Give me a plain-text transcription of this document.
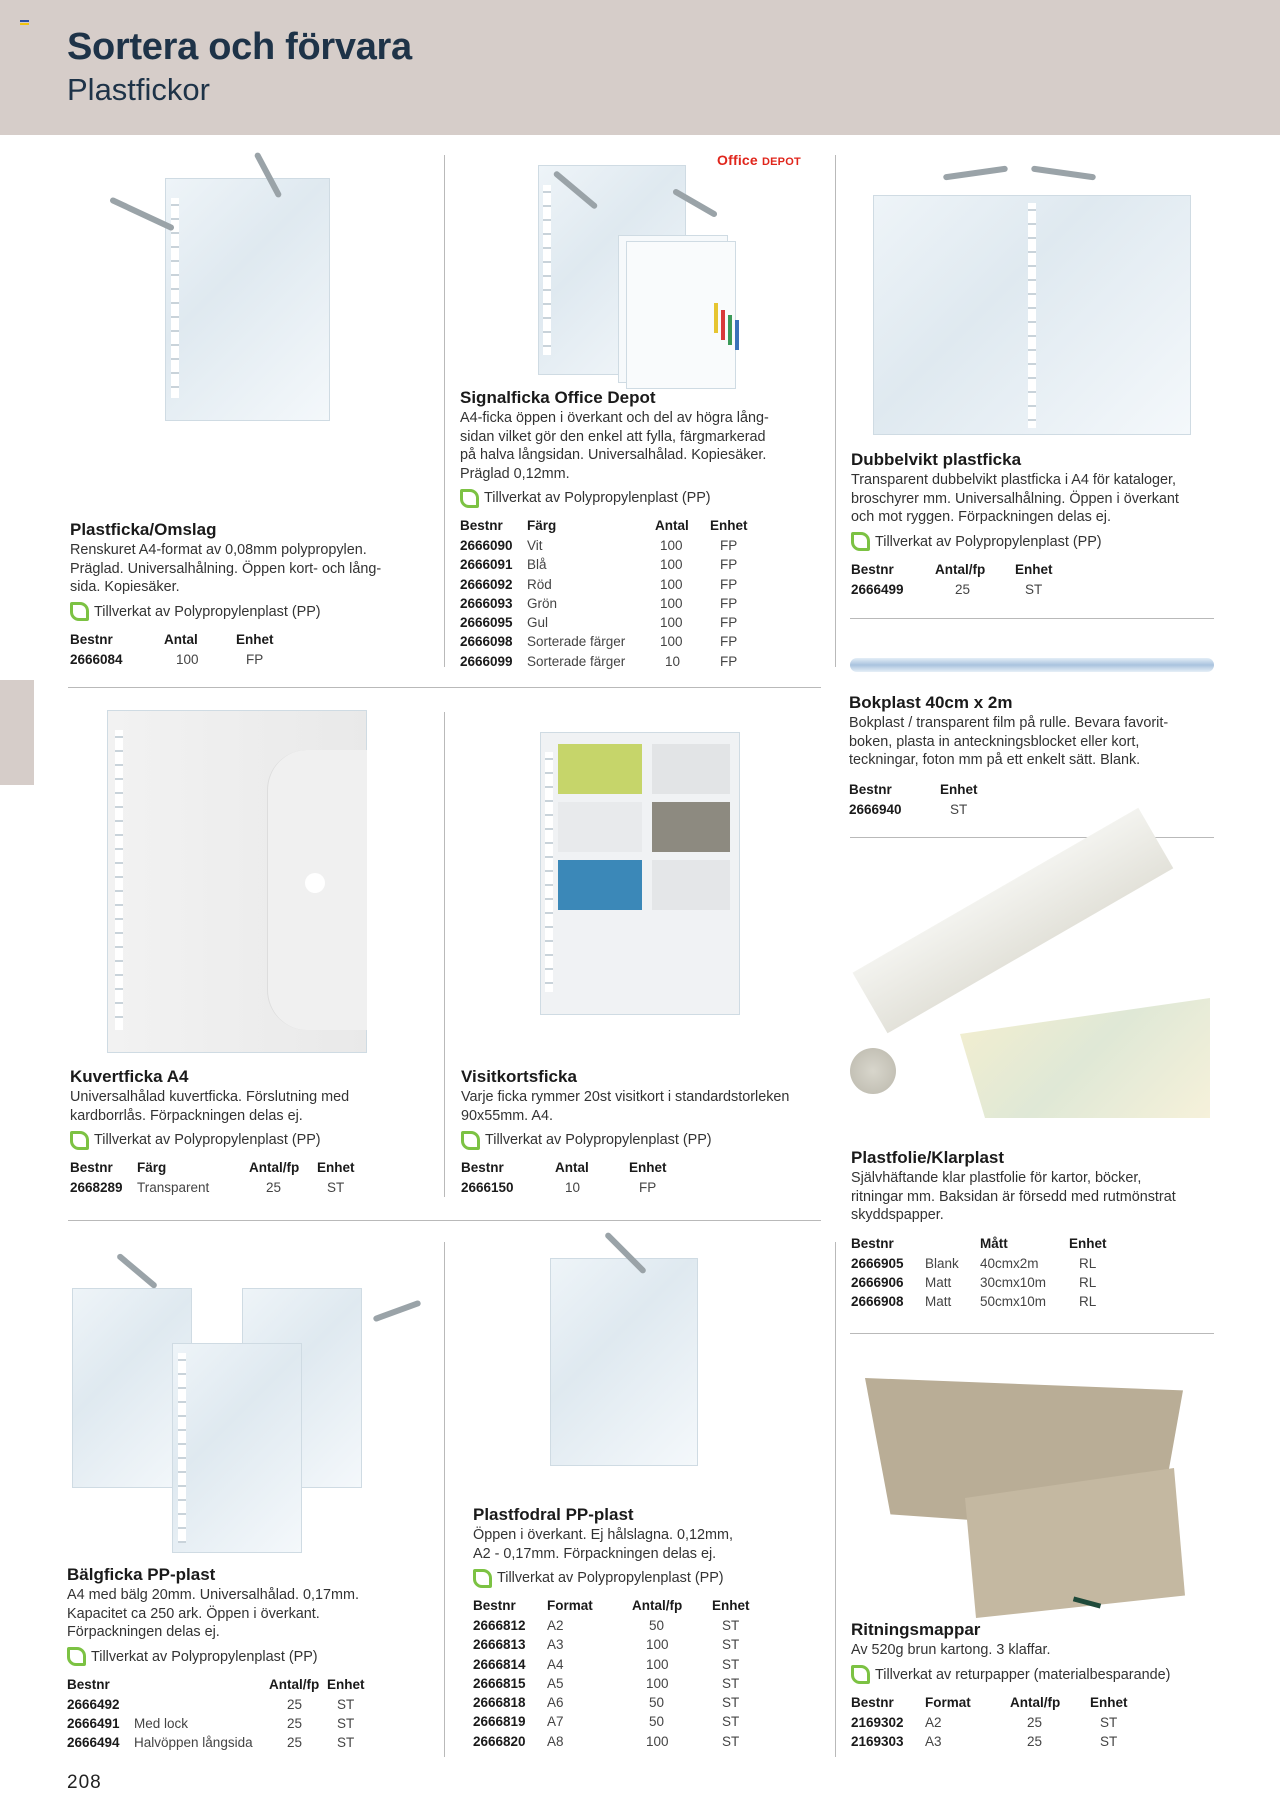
Sortera och förvara
Plastfickor
Office DEPOT
Plastficka/Omslag
Renskuret A4-format av 0,08mm polypropylen.
Präglad. Universalhålning. Öppen kort- och lång-
sida. Kopiesäker.
Tillverkat av Polypropylenplast (PP)
Bestnr	Antal	Enhet
2666084	100	FP
Signalficka Office Depot
A4-ficka öppen i överkant och del av högra lång-
sidan vilket gör den enkel att fylla, färgmarkerad
på halva långsidan. Universalhålad. Kopiesäker.
Präglad 0,12mm.
Tillverkat av Polypropylenplast (PP)
Bestnr	Färg	Antal	Enhet
2666090	Vit	100	FP
2666091	Blå	100	FP
2666092	Röd	100	FP
2666093	Grön	100	FP
2666095	Gul	100	FP
2666098	Sorterade färger	100	FP
2666099	Sorterade färger	10	FP
Dubbelvikt plastficka
Transparent dubbelvikt plastficka i A4 för kataloger,
broschyrer mm. Universalhålning. Öppen i överkant
och mot ryggen. Förpackningen delas ej.
Tillverkat av Polypropylenplast (PP)
Bestnr	Antal/fp	Enhet
2666499	25	ST
Bokplast 40cm x 2m
Bokplast / transparent film på rulle. Bevara favorit-
boken, plasta in anteckningsblocket eller kort,
teckningar, foton mm på ett enkelt sätt. Blank.
Bestnr	Enhet
2666940	ST
Kuvertficka A4
Universalhålad kuvertficka. Förslutning med
kardborrlås. Förpackningen delas ej.
Tillverkat av Polypropylenplast (PP)
Bestnr	Färg	Antal/fp	Enhet
2668289	Transparent	25	ST
Visitkortsficka
Varje ficka rymmer 20st visitkort i standardstorleken
90x55mm. A4.
Tillverkat av Polypropylenplast (PP)
Bestnr	Antal	Enhet
2666150	10	FP
Plastfolie/Klarplast
Självhäftande klar plastfolie för kartor, böcker,
ritningar mm. Baksidan är försedd med rutmönstrat
skyddspapper.
Bestnr		Mått	Enhet
2666905	Blank	40cmx2m	RL
2666906	Matt	30cmx10m	RL
2666908	Matt	50cmx10m	RL
Bälgficka PP-plast
A4 med bälg 20mm. Universalhålad. 0,17mm.
Kapacitet ca 250 ark. Öppen i överkant.
Förpackningen delas ej.
Tillverkat av Polypropylenplast (PP)
Bestnr		Antal/fp	Enhet
2666492		25	ST
2666491	Med lock	25	ST
2666494	Halvöppen långsida	25	ST
Plastfodral PP-plast
Öppen i överkant. Ej hålslagna. 0,12mm,
A2 - 0,17mm. Förpackningen delas ej.
Tillverkat av Polypropylenplast (PP)
Bestnr	Format	Antal/fp	Enhet
2666812	A2	50	ST
2666813	A3	100	ST
2666814	A4	100	ST
2666815	A5	100	ST
2666818	A6	50	ST
2666819	A7	50	ST
2666820	A8	100	ST
Ritningsmappar
Av 520g brun kartong. 3 klaffar.
Tillverkat av returpapper (materialbesparande)
Bestnr	Format	Antal/fp	Enhet
2169302	A2	25	ST
2169303	A3	25	ST
208
